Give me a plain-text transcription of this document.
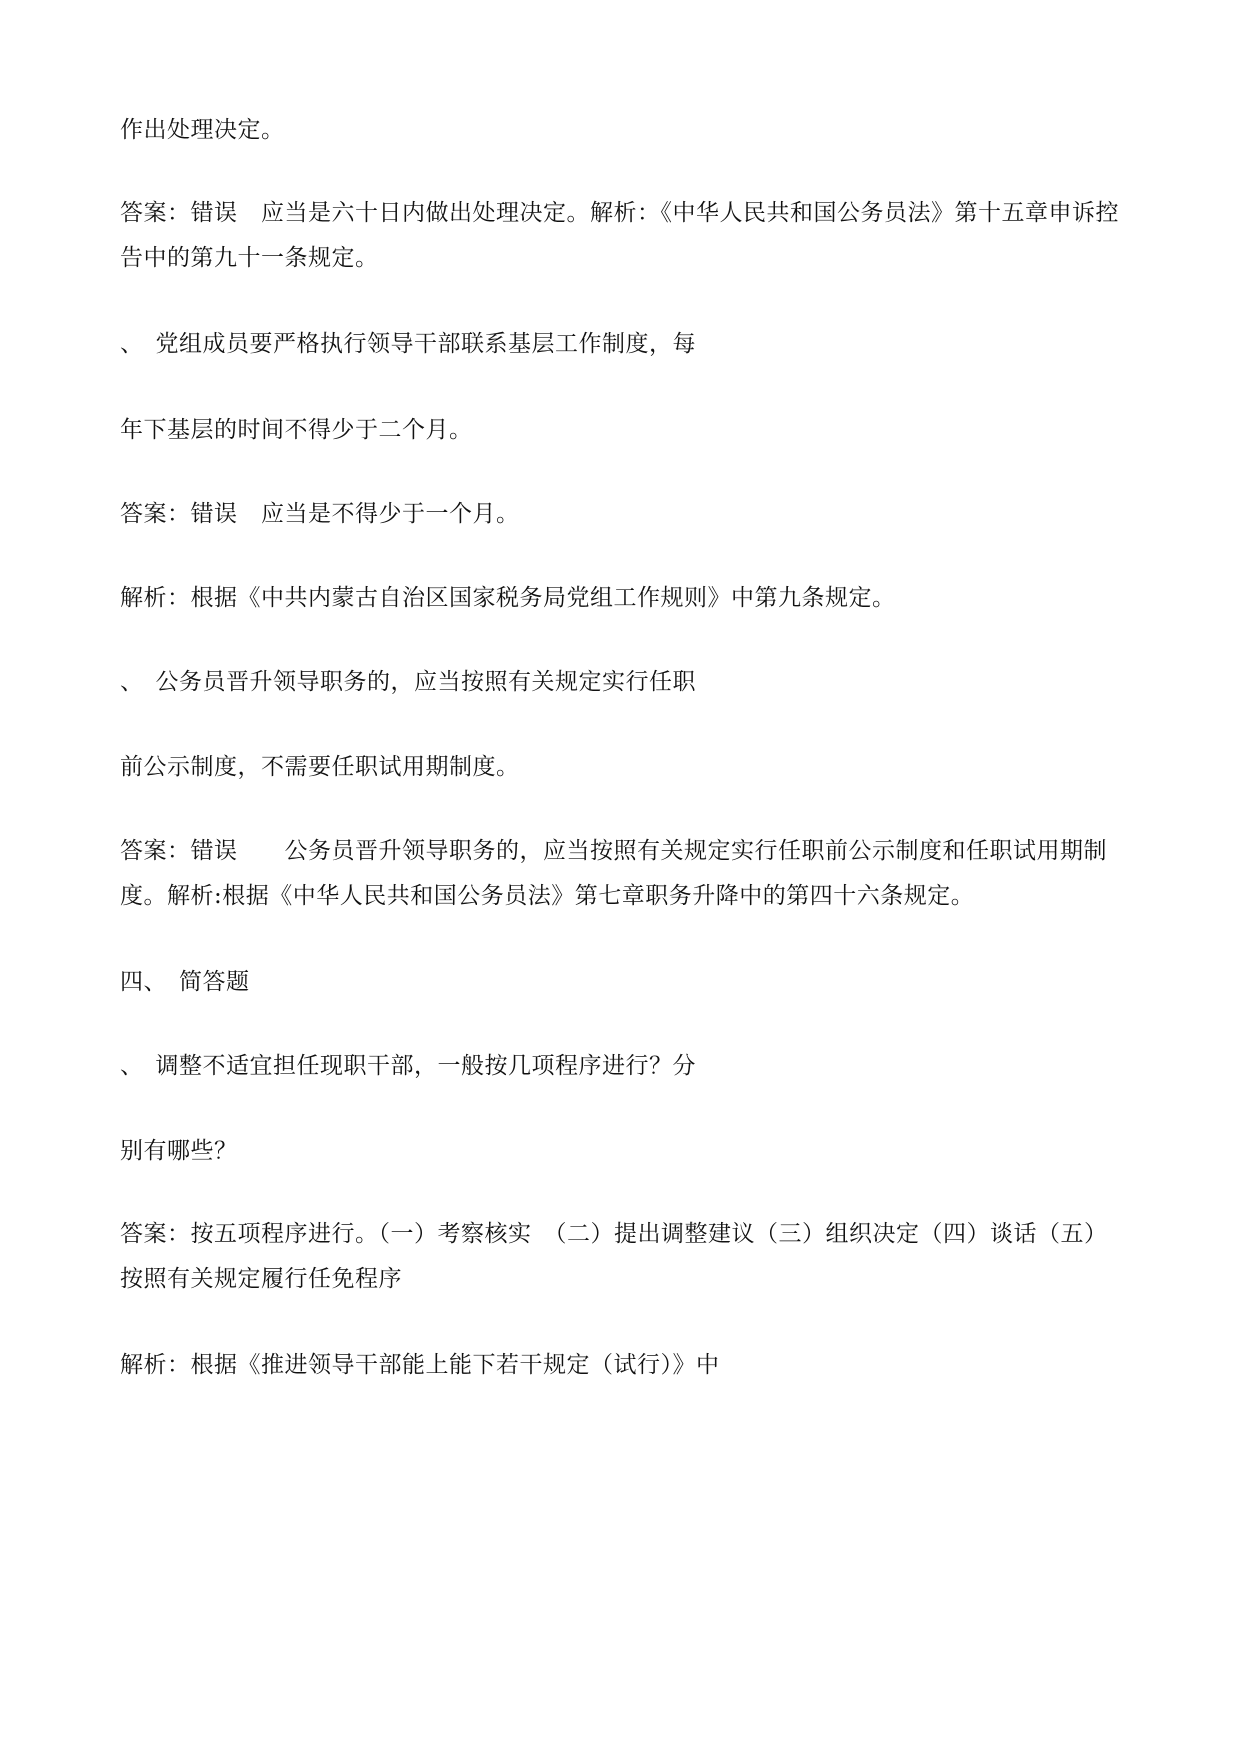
作出处理决定。

答案：错误　应当是六十日内做出处理决定。解析：《中华人民共和国公务员法》第十五章申诉控告中的第九十一条规定。

、　党组成员要严格执行领导干部联系基层工作制度，每

年下基层的时间不得少于二个月。

答案：错误　应当是不得少于一个月。

解析：根据《中共内蒙古自治区国家税务局党组工作规则》中第九条规定。

、　公务员晋升领导职务的，应当按照有关规定实行任职

前公示制度，不需要任职试用期制度。

答案：错误　　公务员晋升领导职务的，应当按照有关规定实行任职前公示制度和任职试用期制度。解析:根据《中华人民共和国公务员法》第七章职务升降中的第四十六条规定。

四、　简答题

、　调整不适宜担任现职干部，一般按几项程序进行？分

别有哪些？

答案：按五项程序进行。（一）考察核实　（二）提出调整建议（三）组织决定（四）谈话（五）按照有关规定履行任免程序

解析：根据《推进领导干部能上能下若干规定（试行）》中
